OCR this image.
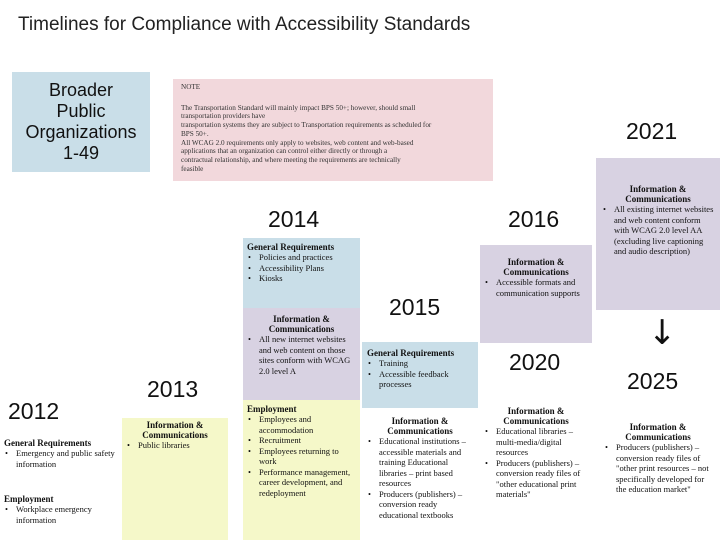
Timelines for Compliance with Accessibility Standards
Broader
Public
Organizations
1-49
NOTE
The Transportation Standard will mainly impact BPS 50+; however, should small
transportation providers have
transportation systems they are subject to Transportation requirements as scheduled for
BPS 50+.
All WCAG 2.0 requirements only apply to websites, web content and web-based
applications that an organization can control either directly or through a
contractual relationship, and where meeting the requirements are technically
feasible
2012
General Requirements
• Emergency and public safety information
Employment
• Workplace emergency information
2013
Information & Communications
• Public libraries
2014
General Requirements
• Policies and practices
• Accessibility Plans
• Kiosks
Information & Communications
• All new internet websites and web content on those sites conform with WCAG 2.0 level A
Employment
• Employees and accommodation
• Recruitment
• Employees returning to work
• Performance management, career development, and redeployment
2015
General Requirements
• Training
• Accessible feedback processes
Information & Communications
• Educational institutions – accessible materials and training Educational libraries – print based resources
• Producers (publishers) – conversion ready educational textbooks
2016
Information & Communications
• Accessible formats and communication supports
2020
Information & Communications
• Educational libraries – multi-media/digital resources
• Producers (publishers) – conversion ready files of "other educational print materials"
2021
Information & Communications
• All existing internet websites and web content conform with WCAG 2.0 level AA (excluding live captioning and audio description)
↓
2025
Information & Communications
• Producers (publishers) – conversion ready files of "other print resources – not specifically developed for the education market"
